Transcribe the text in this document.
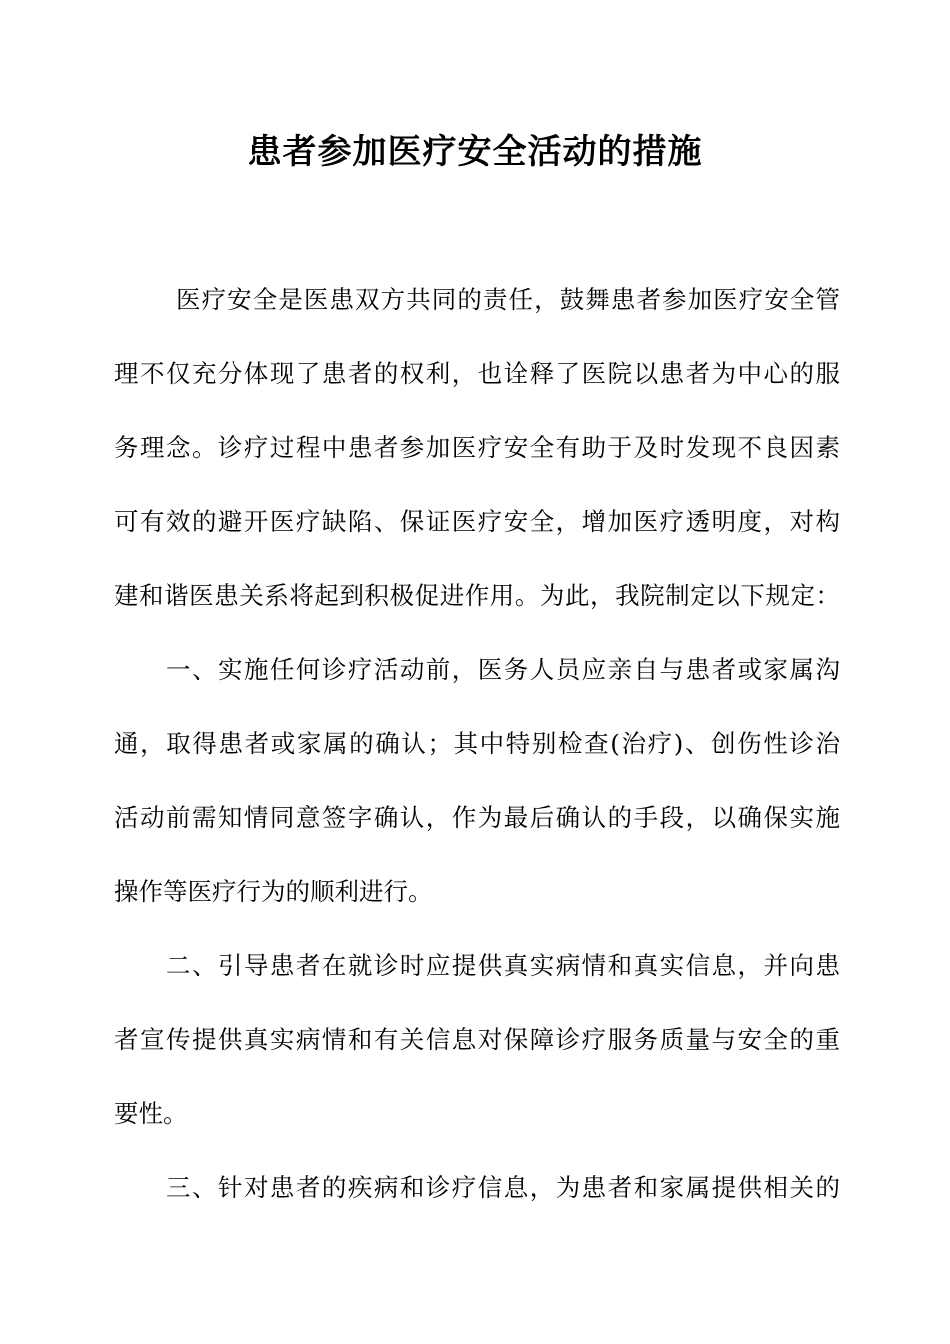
患者参加医疗安全活动的措施
医疗安全是医患双方共同的责任，鼓舞患者参加医疗安全管
理不仅充分体现了患者的权利，也诠释了医院以患者为中心的服
务理念。诊疗过程中患者参加医疗安全有助于及时发现不良因素
可有效的避开医疗缺陷、保证医疗安全，增加医疗透明度，对构
建和谐医患关系将起到积极促进作用。为此，我院制定以下规定：
一、实施任何诊疗活动前，医务人员应亲自与患者或家属沟
通，取得患者或家属的确认；其中特别检查(治疗)、创伤性诊治
活动前需知情同意签字确认，作为最后确认的手段，以确保实施
操作等医疗行为的顺利进行。
二、引导患者在就诊时应提供真实病情和真实信息，并向患
者宣传提供真实病情和有关信息对保障诊疗服务质量与安全的重
要性。
三、针对患者的疾病和诊疗信息，为患者和家属提供相关的
